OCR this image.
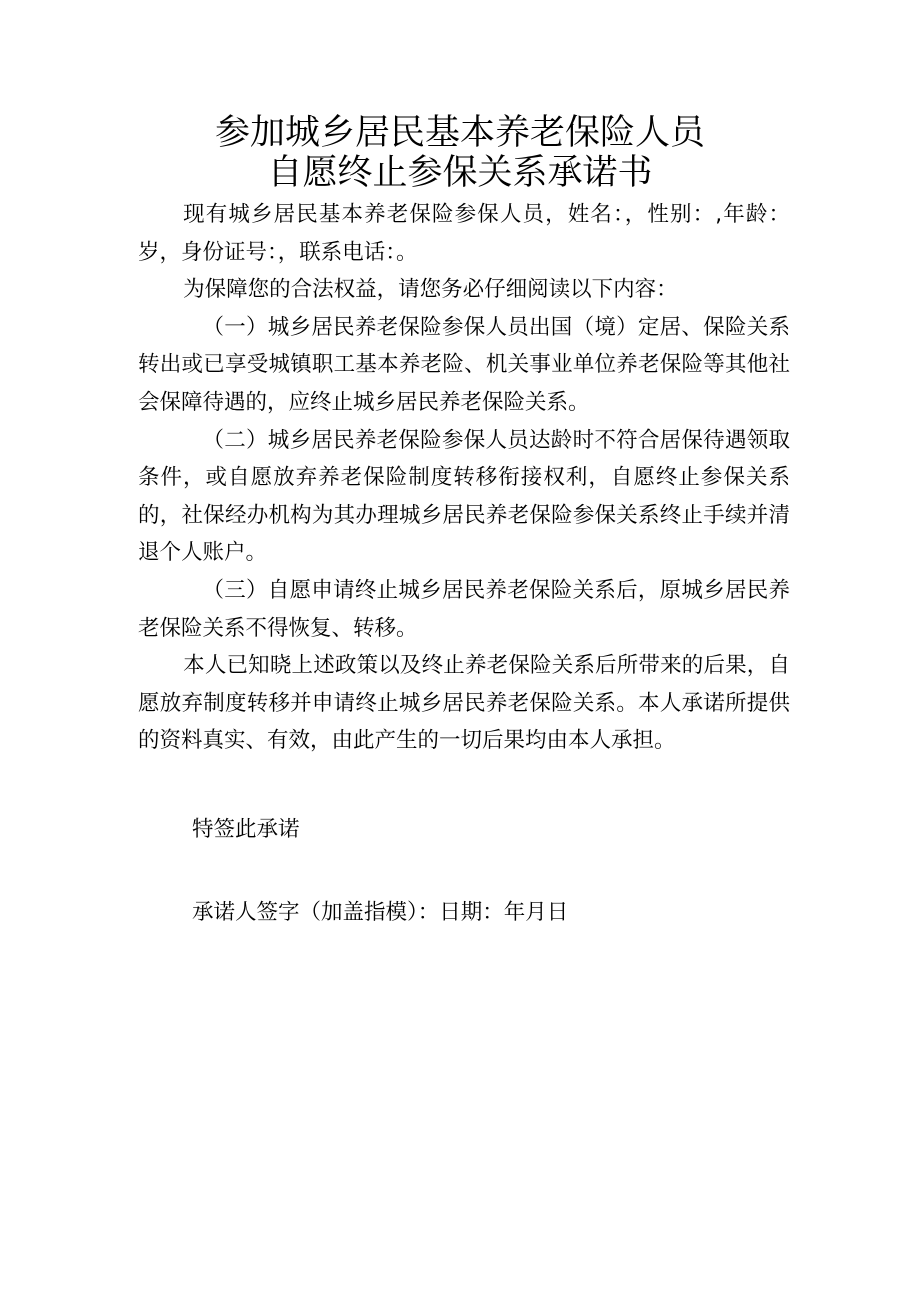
参加城乡居民基本养老保险人员
自愿终止参保关系承诺书

现有城乡居民基本养老保险参保人员，姓名：，性别：,年龄：岁，身份证号：，联系电话：。

为保障您的合法权益，请您务必仔细阅读以下内容：

（一）城乡居民养老保险参保人员出国（境）定居、保险关系转出或已享受城镇职工基本养老险、机关事业单位养老保险等其他社会保障待遇的，应终止城乡居民养老保险关系。

（二）城乡居民养老保险参保人员达龄时不符合居保待遇领取条件，或自愿放弃养老保险制度转移衔接权利，自愿终止参保关系的，社保经办机构为其办理城乡居民养老保险参保关系终止手续并清退个人账户。

（三）自愿申请终止城乡居民养老保险关系后，原城乡居民养老保险关系不得恢复、转移。

本人已知晓上述政策以及终止养老保险关系后所带来的后果，自愿放弃制度转移并申请终止城乡居民养老保险关系。本人承诺所提供的资料真实、有效，由此产生的一切后果均由本人承担。

特签此承诺
承诺人签字（加盖指模）：日期：年月日
